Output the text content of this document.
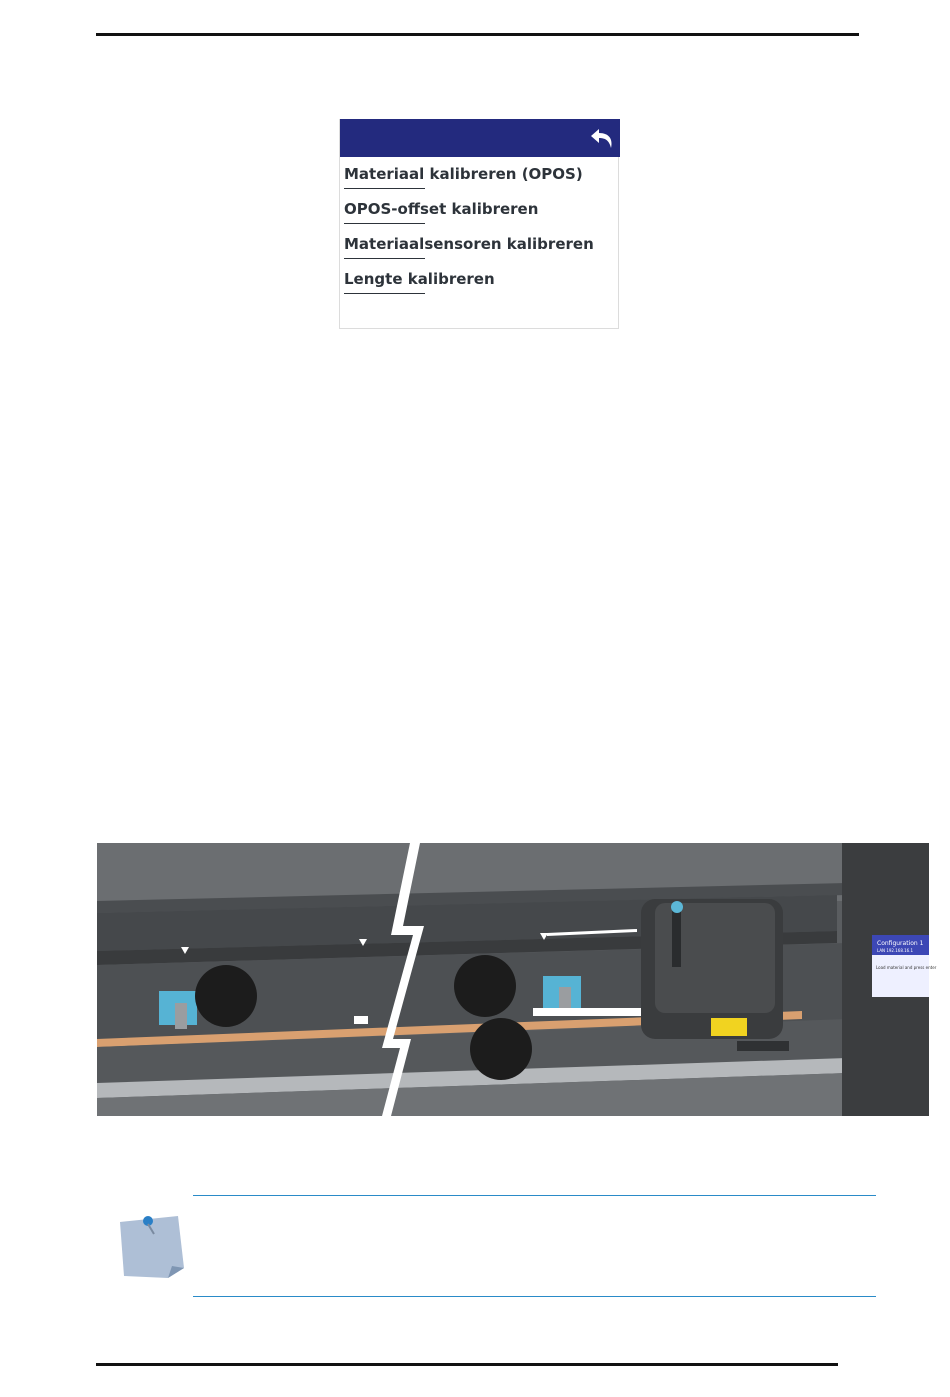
Materiaal kalibreren (OPOS)
OPOS-offset kalibreren
Materiaalsensoren kalibreren
Lengte kalibreren
Configuration 1
LAN 192.168.16.1
Load material and press enter
